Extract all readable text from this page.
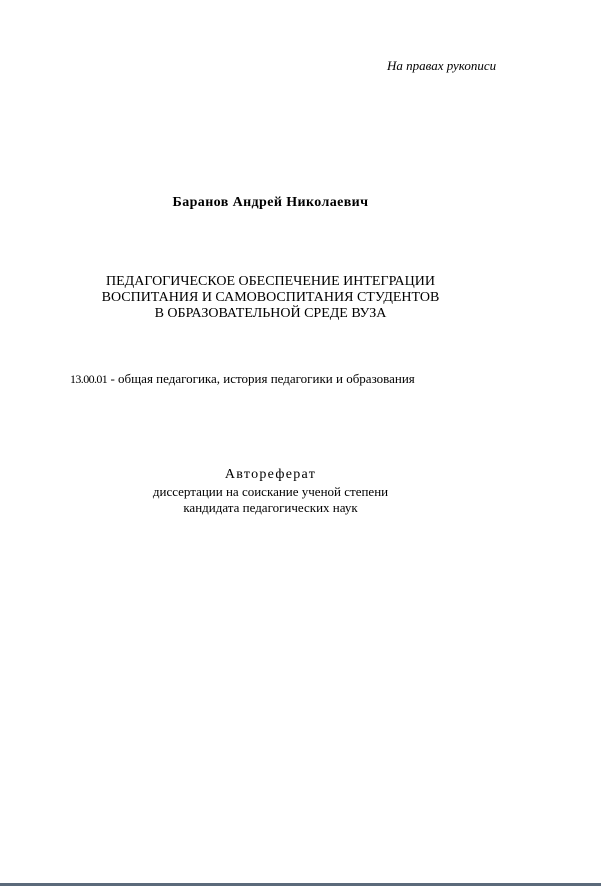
На правах рукописи
Баранов Андрей Николаевич
ПЕДАГОГИЧЕСКОЕ ОБЕСПЕЧЕНИЕ ИНТЕГРАЦИИ
ВОСПИТАНИЯ И САМОВОСПИТАНИЯ СТУДЕНТОВ
В ОБРАЗОВАТЕЛЬНОЙ СРЕДЕ ВУЗА
13.00.01 - общая педагогика, история педагогики и образования
Автореферат
диссертации на соискание ученой степени
кандидата педагогических наук
